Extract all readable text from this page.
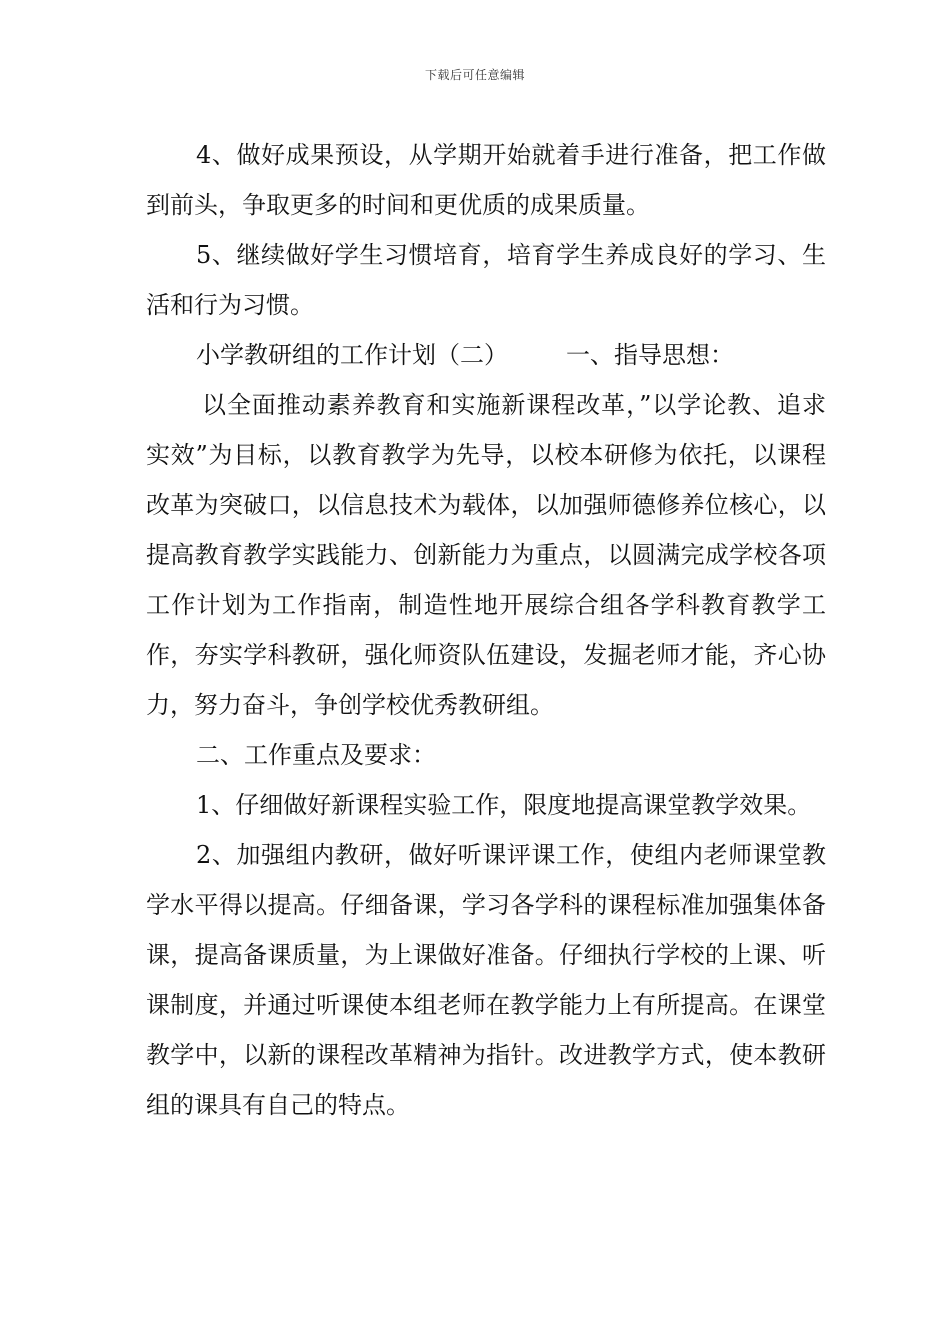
下载后可任意编辑

4、做好成果预设，从学期开始就着手进行准备，把工作做到前头，争取更多的时间和更优质的成果质量。

5、继续做好学生习惯培育，培育学生养成良好的学习、生活和行为习惯。

小学教研组的工作计划（二） 一、指导思想：

以全面推动素养教育和实施新课程改革，”以学论教、追求实效”为目标，以教育教学为先导，以校本研修为依托，以课程改革为突破口，以信息技术为载体，以加强师德修养位核心，以提高教育教学实践能力、创新能力为重点，以圆满完成学校各项工作计划为工作指南，制造性地开展综合组各学科教育教学工作，夯实学科教研，强化师资队伍建设，发掘老师才能，齐心协力，努力奋斗，争创学校优秀教研组。

二、工作重点及要求：

1、仔细做好新课程实验工作，限度地提高课堂教学效果。

2、加强组内教研，做好听课评课工作，使组内老师课堂教学水平得以提高。仔细备课，学习各学科的课程标准加强集体备课，提高备课质量，为上课做好准备。仔细执行学校的上课、听课制度，并通过听课使本组老师在教学能力上有所提高。在课堂教学中，以新的课程改革精神为指针。改进教学方式，使本教研组的课具有自己的特点。
